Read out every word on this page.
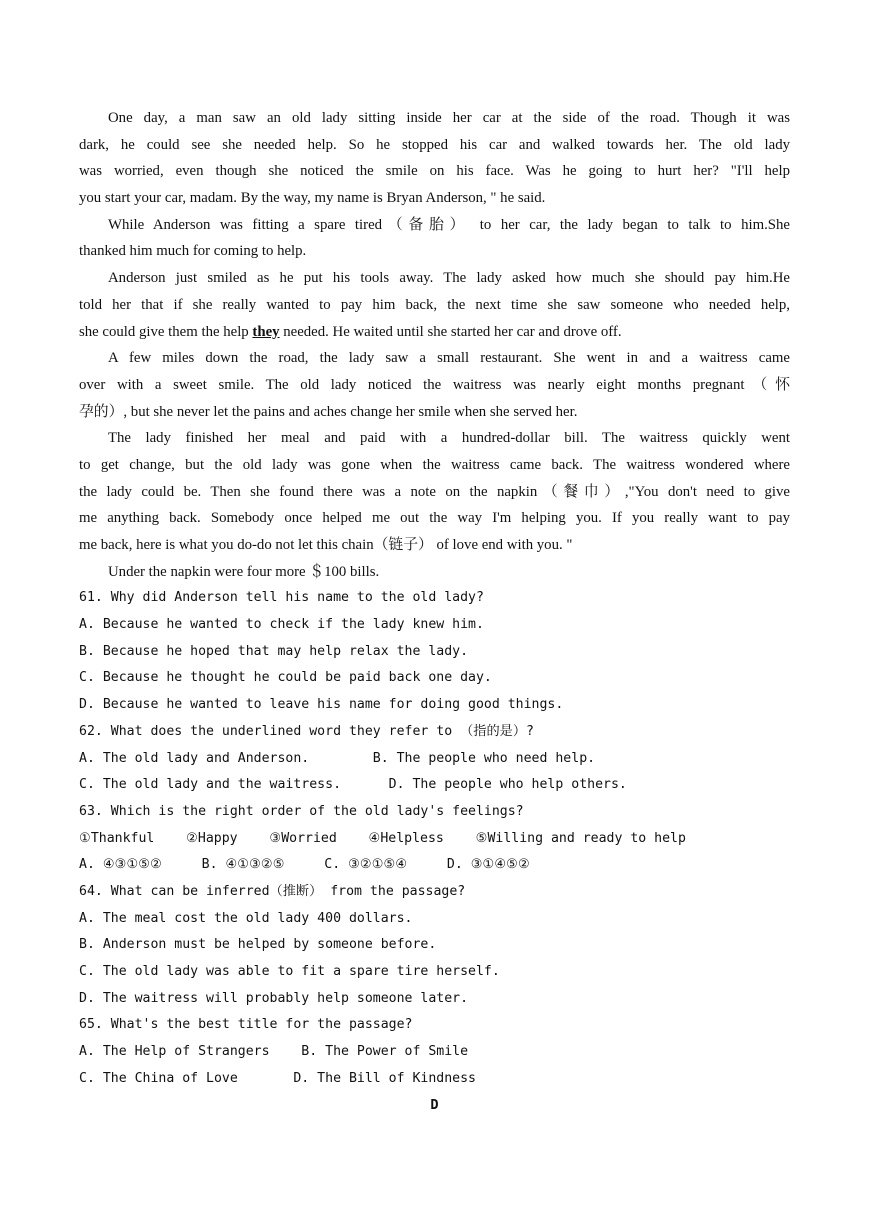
One day, a man saw an old lady sitting inside her car at the side of the road. Though it was
dark, he could see she needed help. So he stopped his car and walked towards her. The old lady
was worried, even though she noticed the smile on his face. Was he going to hurt her? "I'll help
you start your car, madam. By the way, my name is Bryan Anderson, " he said.
While Anderson was fitting a spare tired（备胎） to her car, the lady began to talk to him.She
thanked him much for coming to help.
Anderson just smiled as he put his tools away. The lady asked how much she should pay him.He
told her that if she really wanted to pay him back, the next time she saw someone who needed help,
she could give them the help they needed. He waited until she started her car and drove off.
A few miles down the road, the lady saw a small restaurant. She went in and a waitress came
over with a sweet smile. The old lady noticed the waitress was nearly eight months pregnant（怀
孕的）, but she never let the pains and aches change her smile when she served her.
The lady finished her meal and paid with a hundred-dollar bill. The waitress quickly went
to get change, but the old lady was gone when the waitress came back. The waitress wondered where
the lady could be. Then she found there was a note on the napkin（餐巾）,"You don't need to give
me anything back. Somebody once helped me out the way I'm helping you. If you really want to pay
me back, here is what you do-do not let this chain（链子） of love end with you. "
Under the napkin were four more ＄100 bills.
61. Why did Anderson tell his name to the old lady?
A. Because he wanted to check if the lady knew him.
B. Because he hoped that may help relax the lady.
C. Because he thought he could be paid back one day.
D. Because he wanted to leave his name for doing good things.
62. What does the underlined word they refer to （指的是）?
A. The old lady and Anderson.        B. The people who need help.
C. The old lady and the waitress.      D. The people who help others.
63. Which is the right order of the old lady's feelings?
①Thankful    ②Happy    ③Worried    ④Helpless    ⑤Willing and ready to help
A. ④③①⑤②     B. ④①③②⑤     C. ③②①⑤④     D. ③①④⑤②
64. What can be inferred（推断） from the passage?
A. The meal cost the old lady 400 dollars.
B. Anderson must be helped by someone before.
C. The old lady was able to fit a spare tire herself.
D. The waitress will probably help someone later.
65. What's the best title for the passage?
A. The Help of Strangers    B. The Power of Smile
C. The China of Love       D. The Bill of Kindness
D
